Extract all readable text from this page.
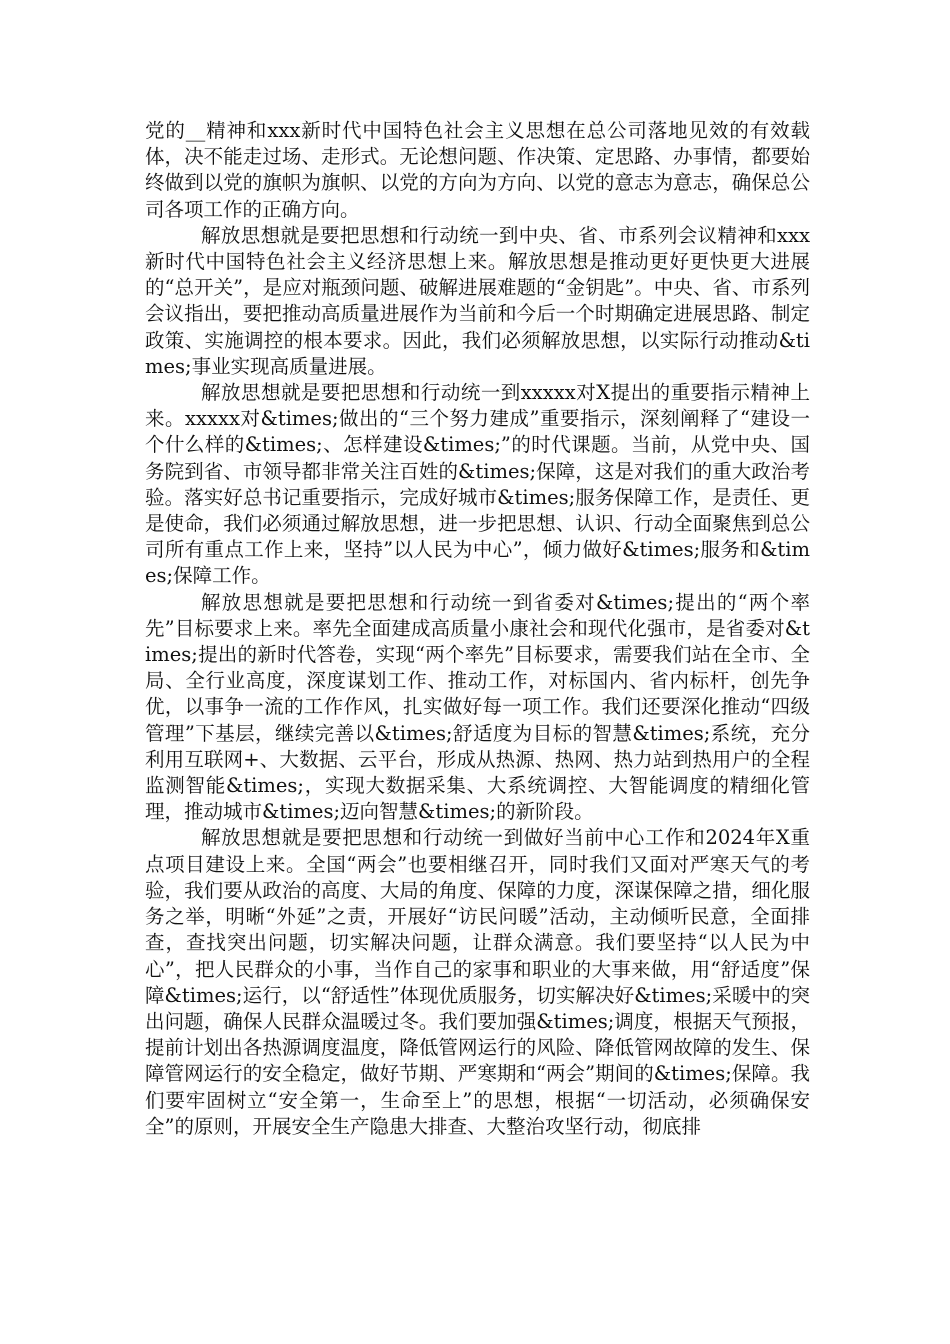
党的__精神和xxx新时代中国特色社会主义思想在总公司落地见效的有效载体，决不能走过场、走形式。无论想问题、作决策、定思路、办事情，都要始终做到以党的旗帜为旗帜、以党的方向为方向、以党的意志为意志，确保总公司各项工作的正确方向。

解放思想就是要把思想和行动统一到中央、省、市系列会议精神和xxx新时代中国特色社会主义经济思想上来。解放思想是推动更好更快更大进展的“总开关”，是应对瓶颈问题、破解进展难题的“金钥匙”。中央、省、市系列会议指出，要把推动高质量进展作为当前和今后一个时期确定进展思路、制定政策、实施调控的根本要求。因此，我们必须解放思想，以实际行动推动&times;事业实现高质量进展。

解放思想就是要把思想和行动统一到xxxxx对X提出的重要指示精神上来。xxxxx对&times;做出的“三个努力建成”重要指示，深刻阐释了“建设一个什么样的&times;、怎样建设&times;”的时代课题。当前，从党中央、国务院到省、市领导都非常关注百姓的&times;保障，这是对我们的重大政治考验。落实好总书记重要指示，完成好城市&times;服务保障工作，是责任、更是使命，我们必须通过解放思想，进一步把思想、认识、行动全面聚焦到总公司所有重点工作上来，坚持”以人民为中心”，倾力做好&times;服务和&times;保障工作。

解放思想就是要把思想和行动统一到省委对&times;提出的“两个率先”目标要求上来。率先全面建成高质量小康社会和现代化强市，是省委对&times;提出的新时代答卷，实现“两个率先”目标要求，需要我们站在全市、全局、全行业高度，深度谋划工作、推动工作，对标国内、省内标杆，创先争优，以事争一流的工作作风，扎实做好每一项工作。我们还要深化推动“四级管理”下基层，继续完善以&times;舒适度为目标的智慧&times;系统，充分利用互联网+、大数据、云平台，形成从热源、热网、热力站到热用户的全程监测智能&times;，实现大数据采集、大系统调控、大智能调度的精细化管理，推动城市&times;迈向智慧&times;的新阶段。

解放思想就是要把思想和行动统一到做好当前中心工作和2024年X重点项目建设上来。全国“两会”也要相继召开，同时我们又面对严寒天气的考验，我们要从政治的高度、大局的角度、保障的力度，深谋保障之措，细化服务之举，明晰“外延”之责，开展好“访民问暖”活动，主动倾听民意，全面排查，查找突出问题，切实解决问题，让群众满意。我们要坚持“以人民为中心”，把人民群众的小事，当作自己的家事和职业的大事来做，用“舒适度”保障&times;运行，以“舒适性”体现优质服务，切实解决好&times;采暖中的突出问题，确保人民群众温暖过冬。我们要加强&times;调度，根据天气预报，提前计划出各热源调度温度，降低管网运行的风险、降低管网故障的发生、保障管网运行的安全稳定，做好节期、严寒期和“两会”期间的&times;保障。我们要牢固树立“安全第一，生命至上”的思想，根据“一切活动，必须确保安全”的原则，开展安全生产隐患大排查、大整治攻坚行动，彻底排
